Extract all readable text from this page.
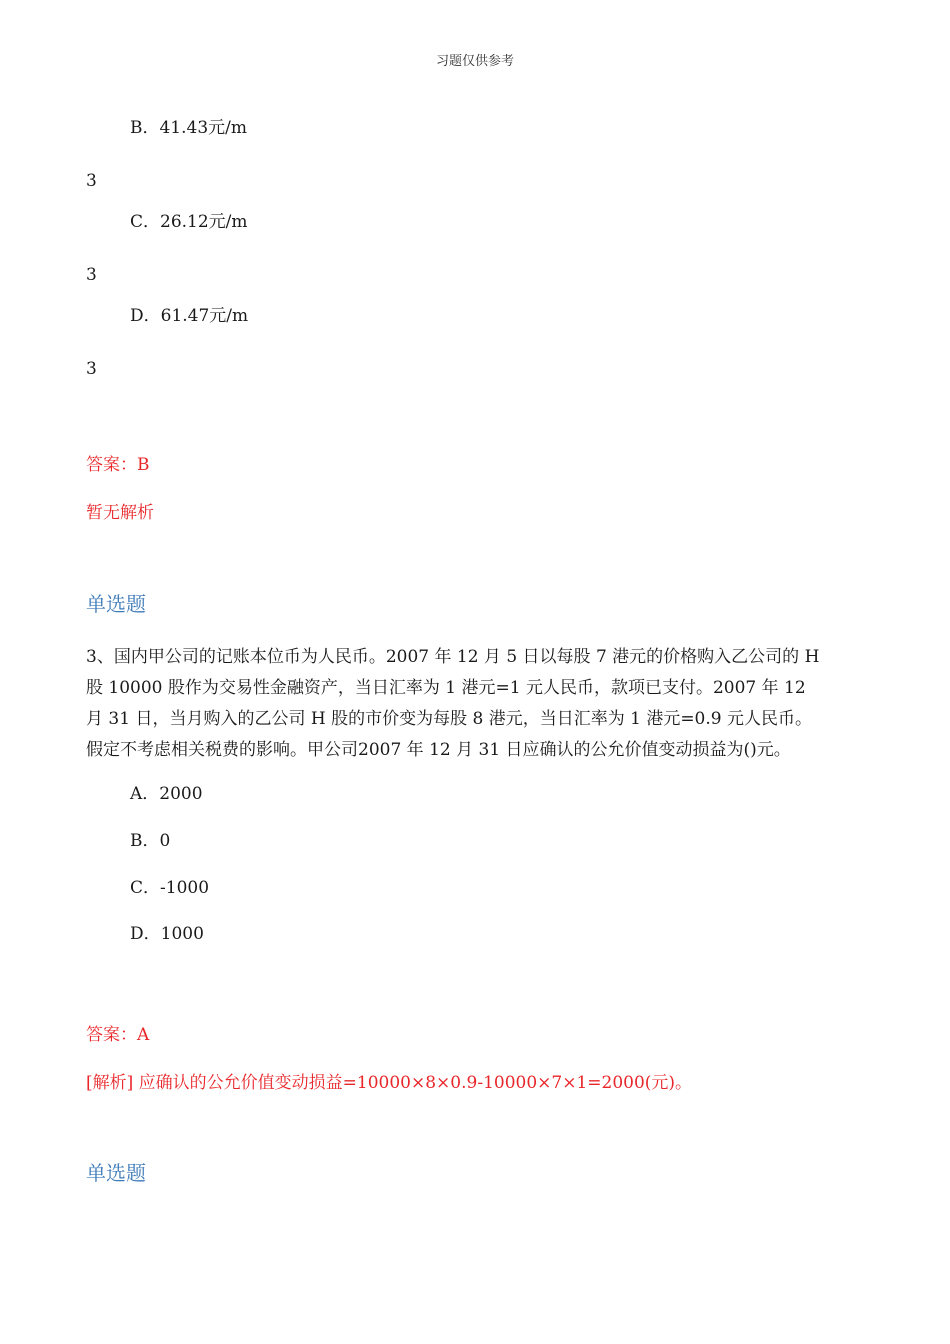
习题仅供参考
B．41.43元/m
3
C．26.12元/m
3
D．61.47元/m
3
答案：B
暂无解析
单选题
3、国内甲公司的记账本位币为人民币。2007 年 12 月 5 日以每股 7 港元的价格购入乙公司的 H
股 10000 股作为交易性金融资产，当日汇率为 1 港元=1 元人民币，款项已支付。2007 年 12
月 31 日，当月购入的乙公司 H 股的市价变为每股 8 港元，当日汇率为 1 港元=0.9 元人民币。
假定不考虑相关税费的影响。甲公司2007 年 12 月 31 日应确认的公允价值变动损益为()元。
A．2000
B．0
C．-1000
D．1000
答案：A
[解析] 应确认的公允价值变动损益=10000×8×0.9-10000×7×1=2000(元)。
单选题
